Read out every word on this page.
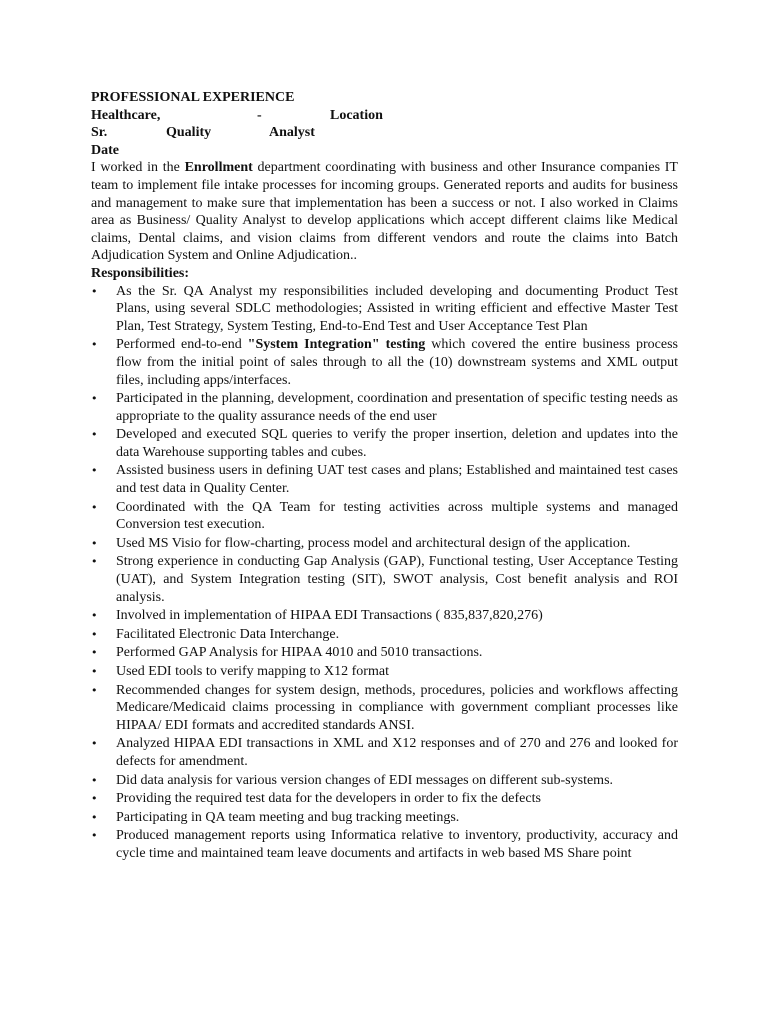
PROFESSIONAL EXPERIENCE
Healthcare,	-	Location
Sr.	Quality	Analyst
Date
I worked in the Enrollment department coordinating with business and other Insurance companies IT team to implement file intake processes for incoming groups. Generated reports and audits for business and management to make sure that implementation has been a success or not. I also worked in Claims area as Business/ Quality Analyst to develop applications which accept different claims like Medical claims, Dental claims, and vision claims from different vendors and route the claims into Batch Adjudication System and Online Adjudication..
Responsibilities:
• As the Sr. QA Analyst my responsibilities included developing and documenting Product Test Plans, using several SDLC methodologies; Assisted in writing efficient and effective Master Test Plan, Test Strategy, System Testing, End-to-End Test and User Acceptance Test Plan
• Performed end-to-end "System Integration" testing which covered the entire business process flow from the initial point of sales through to all the (10) downstream systems and XML output files, including apps/interfaces.
• Participated in the planning, development, coordination and presentation of specific testing needs as appropriate to the quality assurance needs of the end user
• Developed and executed SQL queries to verify the proper insertion, deletion and updates into the data Warehouse supporting tables and cubes.
• Assisted business users in defining UAT test cases and plans; Established and maintained test cases and test data in Quality Center.
• Coordinated with the QA Team for testing activities across multiple systems and managed Conversion test execution.
• Used MS Visio for flow-charting, process model and architectural design of the application.
• Strong experience in conducting Gap Analysis (GAP), Functional testing, User Acceptance Testing (UAT), and System Integration testing (SIT), SWOT analysis, Cost benefit analysis and ROI analysis.
• Involved in implementation of HIPAA EDI Transactions ( 835,837,820,276)
• Facilitated Electronic Data Interchange.
• Performed GAP Analysis for HIPAA 4010 and 5010 transactions.
• Used EDI tools to verify mapping to X12 format
• Recommended changes for system design, methods, procedures, policies and workflows affecting Medicare/Medicaid claims processing in compliance with government compliant processes like HIPAA/ EDI formats and accredited standards ANSI.
• Analyzed HIPAA EDI transactions in XML and X12 responses and of 270 and 276 and looked for defects for amendment.
• Did data analysis for various version changes of EDI messages on different sub-systems.
• Providing the required test data for the developers in order to fix the defects
• Participating in QA team meeting and bug tracking meetings.
• Produced management reports using Informatica relative to inventory, productivity, accuracy and cycle time and maintained team leave documents and artifacts in web based MS Share point
